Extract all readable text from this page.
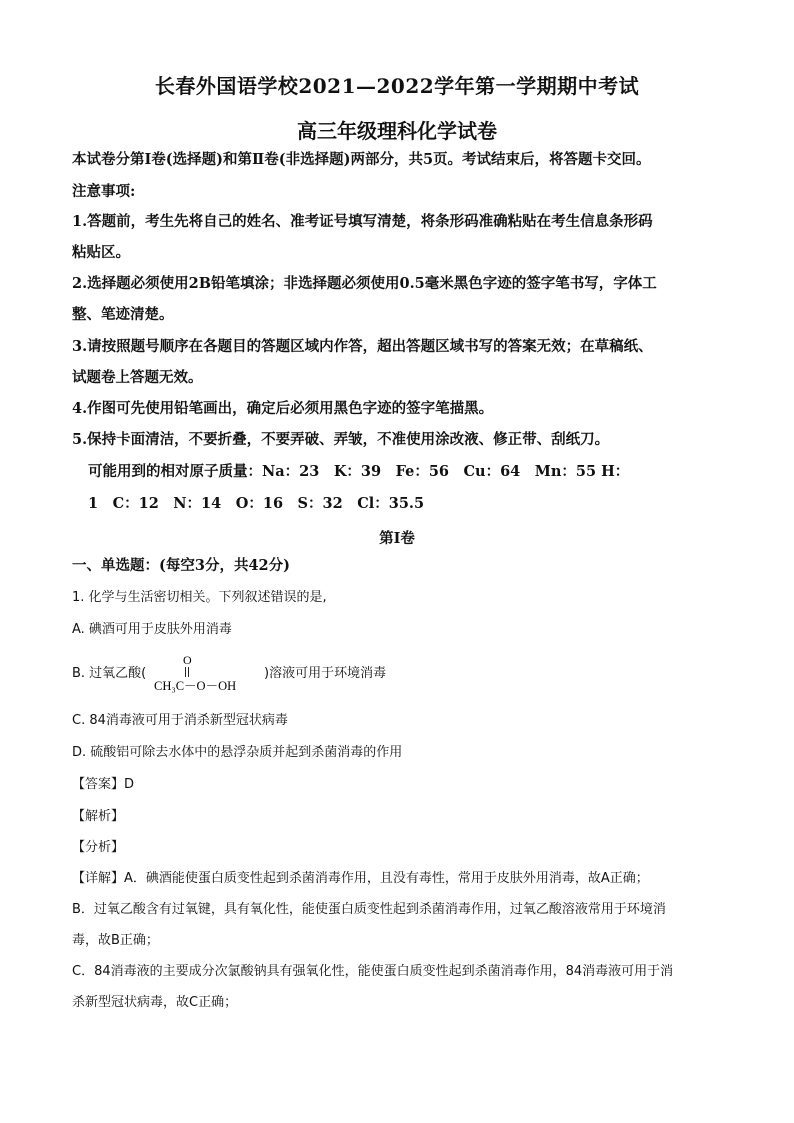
长春外国语学校2021—2022学年第一学期期中考试
高三年级理科化学试卷
本试卷分第Ⅰ卷(选择题)和第Ⅱ卷(非选择题)两部分，共5页。考试结束后，将答题卡交回。
注意事项:
1.答题前，考生先将自己的姓名、准考证号填写清楚，将条形码准确粘贴在考生信息条形码
粘贴区。
2.选择题必须使用2B铅笔填涂；非选择题必须使用0.5毫米黑色字迹的签字笔书写，字体工
整、笔迹清楚。
3.请按照题号顺序在各题目的答题区域内作答，超出答题区域书写的答案无效；在草稿纸、
试题卷上答题无效。
4.作图可先使用铅笔画出，确定后必须用黑色字迹的签字笔描黑。
5.保持卡面清洁，不要折叠，不要弄破、弄皱，不准使用涂改液、修正带、刮纸刀。
可能用到的相对原子质量：Na：23　K：39　Fe：56　Cu：64　Mn：55 H：
1　C：12　N：14　O：16　S：32　Cl：35.5
第Ⅰ卷
一、单选题：(每空3分，共42分)
1. 化学与生活密切相关。下列叙述错误的是,
A. 碘酒可用于皮肤外用消毒
B. 过氧乙酸(
O
CH₃C－O－OH
)溶液可用于环境消毒
C. 84消毒液可用于消杀新型冠状病毒
D. 硫酸铝可除去水体中的悬浮杂质并起到杀菌消毒的作用
【答案】D
【解析】
【分析】
【详解】A．碘酒能使蛋白质变性起到杀菌消毒作用，且没有毒性，常用于皮肤外用消毒，故A正确；
B．过氧乙酸含有过氧键，具有氧化性，能使蛋白质变性起到杀菌消毒作用，过氧乙酸溶液常用于环境消
毒，故B正确；
C．84消毒液的主要成分次氯酸钠具有强氧化性，能使蛋白质变性起到杀菌消毒作用，84消毒液可用于消
杀新型冠状病毒，故C正确；
